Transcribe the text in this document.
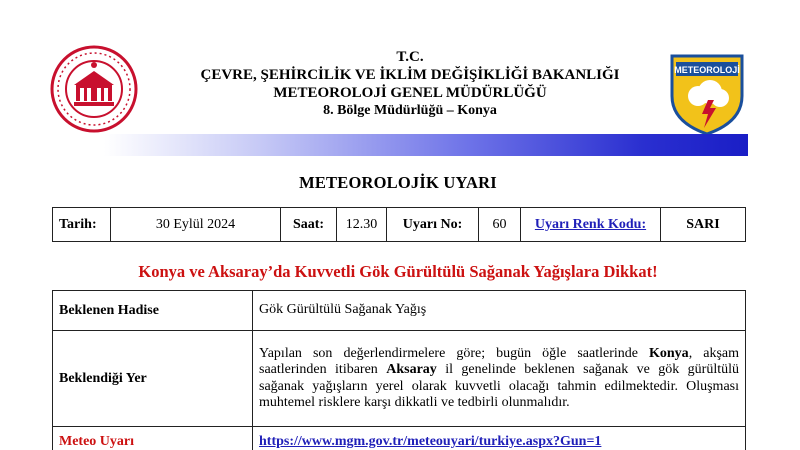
METEOROLOJİ
T.C.
ÇEVRE, ŞEHİRCİLİK VE İKLİM DEĞİŞİKLİĞİ BAKANLIĞI
METEOROLOJİ GENEL MÜDÜRLÜĞÜ
8. Bölge Müdürlüğü – Konya
METEOROLOJİK UYARI
Tarih:	30 Eylül 2024	Saat:	12.30	Uyarı No:	60	Uyarı Renk Kodu:	SARI
Konya ve Aksaray’da Kuvvetli Gök Gürültülü Sağanak Yağışlara Dikkat!
Beklenen Hadise	Gök Gürültülü Sağanak Yağış
Beklendiği Yer	Yapılan son değerlendirmelere göre; bugün öğle saatlerinde Konya, akşam saatlerinden itibaren Aksaray il genelinde beklenen sağanak ve gök gürültülü sağanak yağışların yerel olarak kuvvetli olacağı tahmin edilmektedir. Oluşması muhtemel risklere karşı dikkatli ve tedbirli olunmalıdır.
Meteo Uyarı	https://www.mgm.gov.tr/meteouyari/turkiye.aspx?Gun=1
